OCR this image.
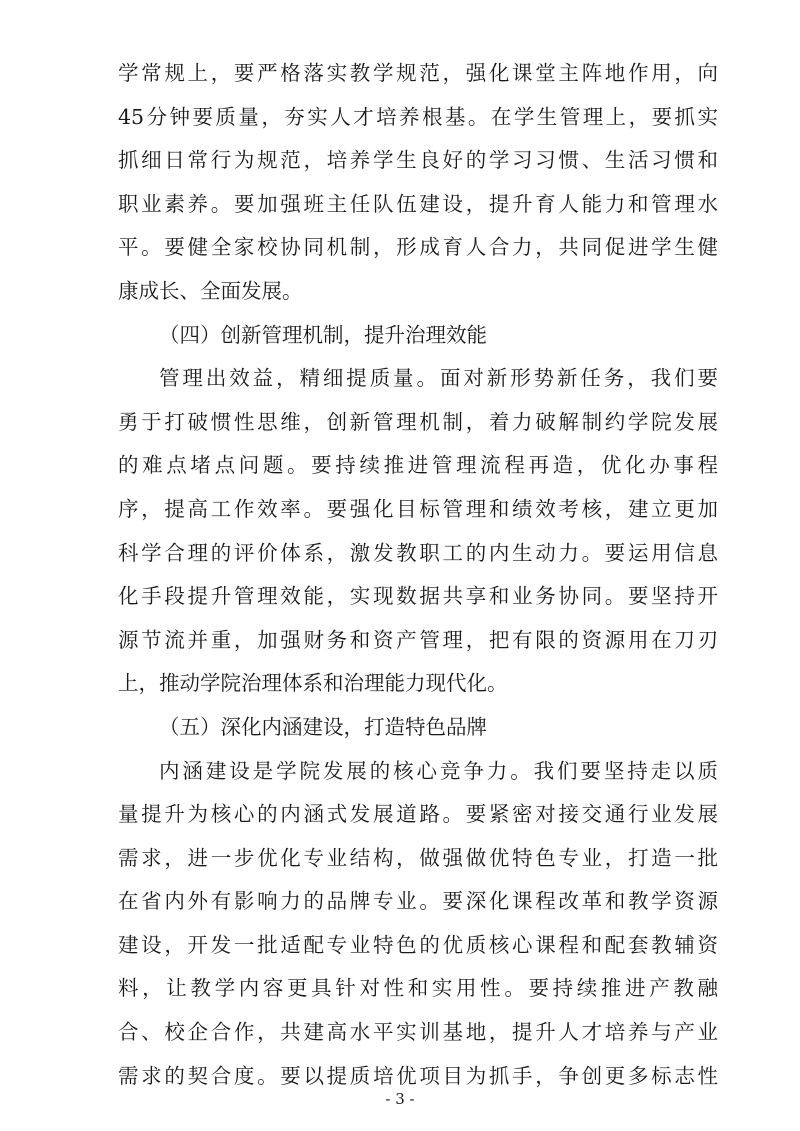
学常规上，要严格落实教学规范，强化课堂主阵地作用，向
45分钟要质量，夯实人才培养根基。在学生管理上，要抓实
抓细日常行为规范，培养学生良好的学习习惯、生活习惯和
职业素养。要加强班主任队伍建设，提升育人能力和管理水
平。要健全家校协同机制，形成育人合力，共同促进学生健
康成长、全面发展。
（四）创新管理机制，提升治理效能
管理出效益，精细提质量。面对新形势新任务，我们要
勇于打破惯性思维，创新管理机制，着力破解制约学院发展
的难点堵点问题。要持续推进管理流程再造，优化办事程
序，提高工作效率。要强化目标管理和绩效考核，建立更加
科学合理的评价体系，激发教职工的内生动力。要运用信息
化手段提升管理效能，实现数据共享和业务协同。要坚持开
源节流并重，加强财务和资产管理，把有限的资源用在刀刃
上，推动学院治理体系和治理能力现代化。
（五）深化内涵建设，打造特色品牌
内涵建设是学院发展的核心竞争力。我们要坚持走以质
量提升为核心的内涵式发展道路。要紧密对接交通行业发展
需求，进一步优化专业结构，做强做优特色专业，打造一批
在省内外有影响力的品牌专业。要深化课程改革和教学资源
建设，开发一批适配专业特色的优质核心课程和配套教辅资
料，让教学内容更具针对性和实用性。要持续推进产教融
合、校企合作，共建高水平实训基地，提升人才培养与产业
需求的契合度。要以提质培优项目为抓手，争创更多标志性
- 3 -
